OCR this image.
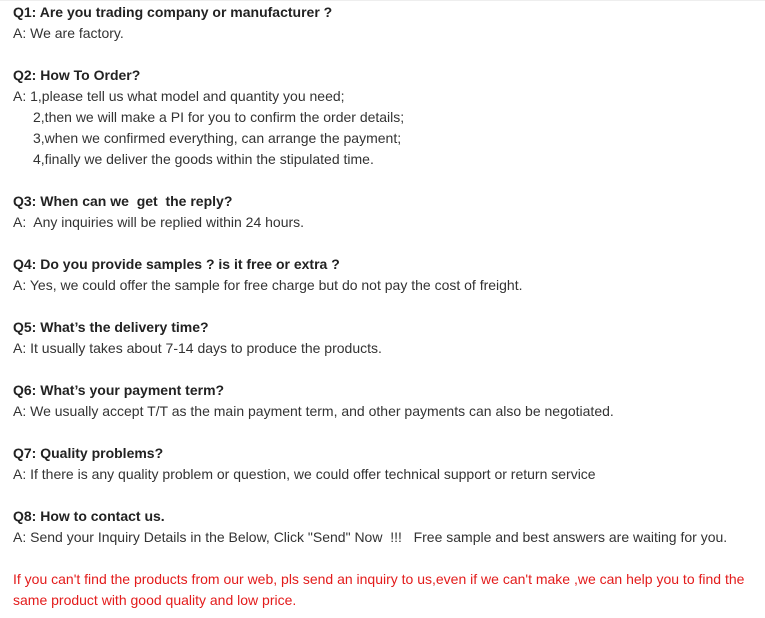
Q1: Are you trading company or manufacturer ?
A: We are factory.
Q2: How To Order?
A: 1,please tell us what model and quantity you need;
2,then we will make a PI for you to confirm the order details;
3,when we confirmed everything, can arrange the payment;
4,finally we deliver the goods within the stipulated time.
Q3: When can we  get  the reply?
A:  Any inquiries will be replied within 24 hours.
Q4: Do you provide samples ? is it free or extra ?
A: Yes, we could offer the sample for free charge but do not pay the cost of freight.
Q5: What’s the delivery time?
A: It usually takes about 7-14 days to produce the products.
Q6: What’s your payment term?
A: We usually accept T/T as the main payment term, and other payments can also be negotiated.
Q7: Quality problems?
A: If there is any quality problem or question, we could offer technical support or return service
Q8: How to contact us.
A: Send your Inquiry Details in the Below, Click "Send" Now  !!!   Free sample and best answers are waiting for you.
If you can't find the products from our web, pls send an inquiry to us,even if we can't make ,we can help you to find the
same product with good quality and low price.
